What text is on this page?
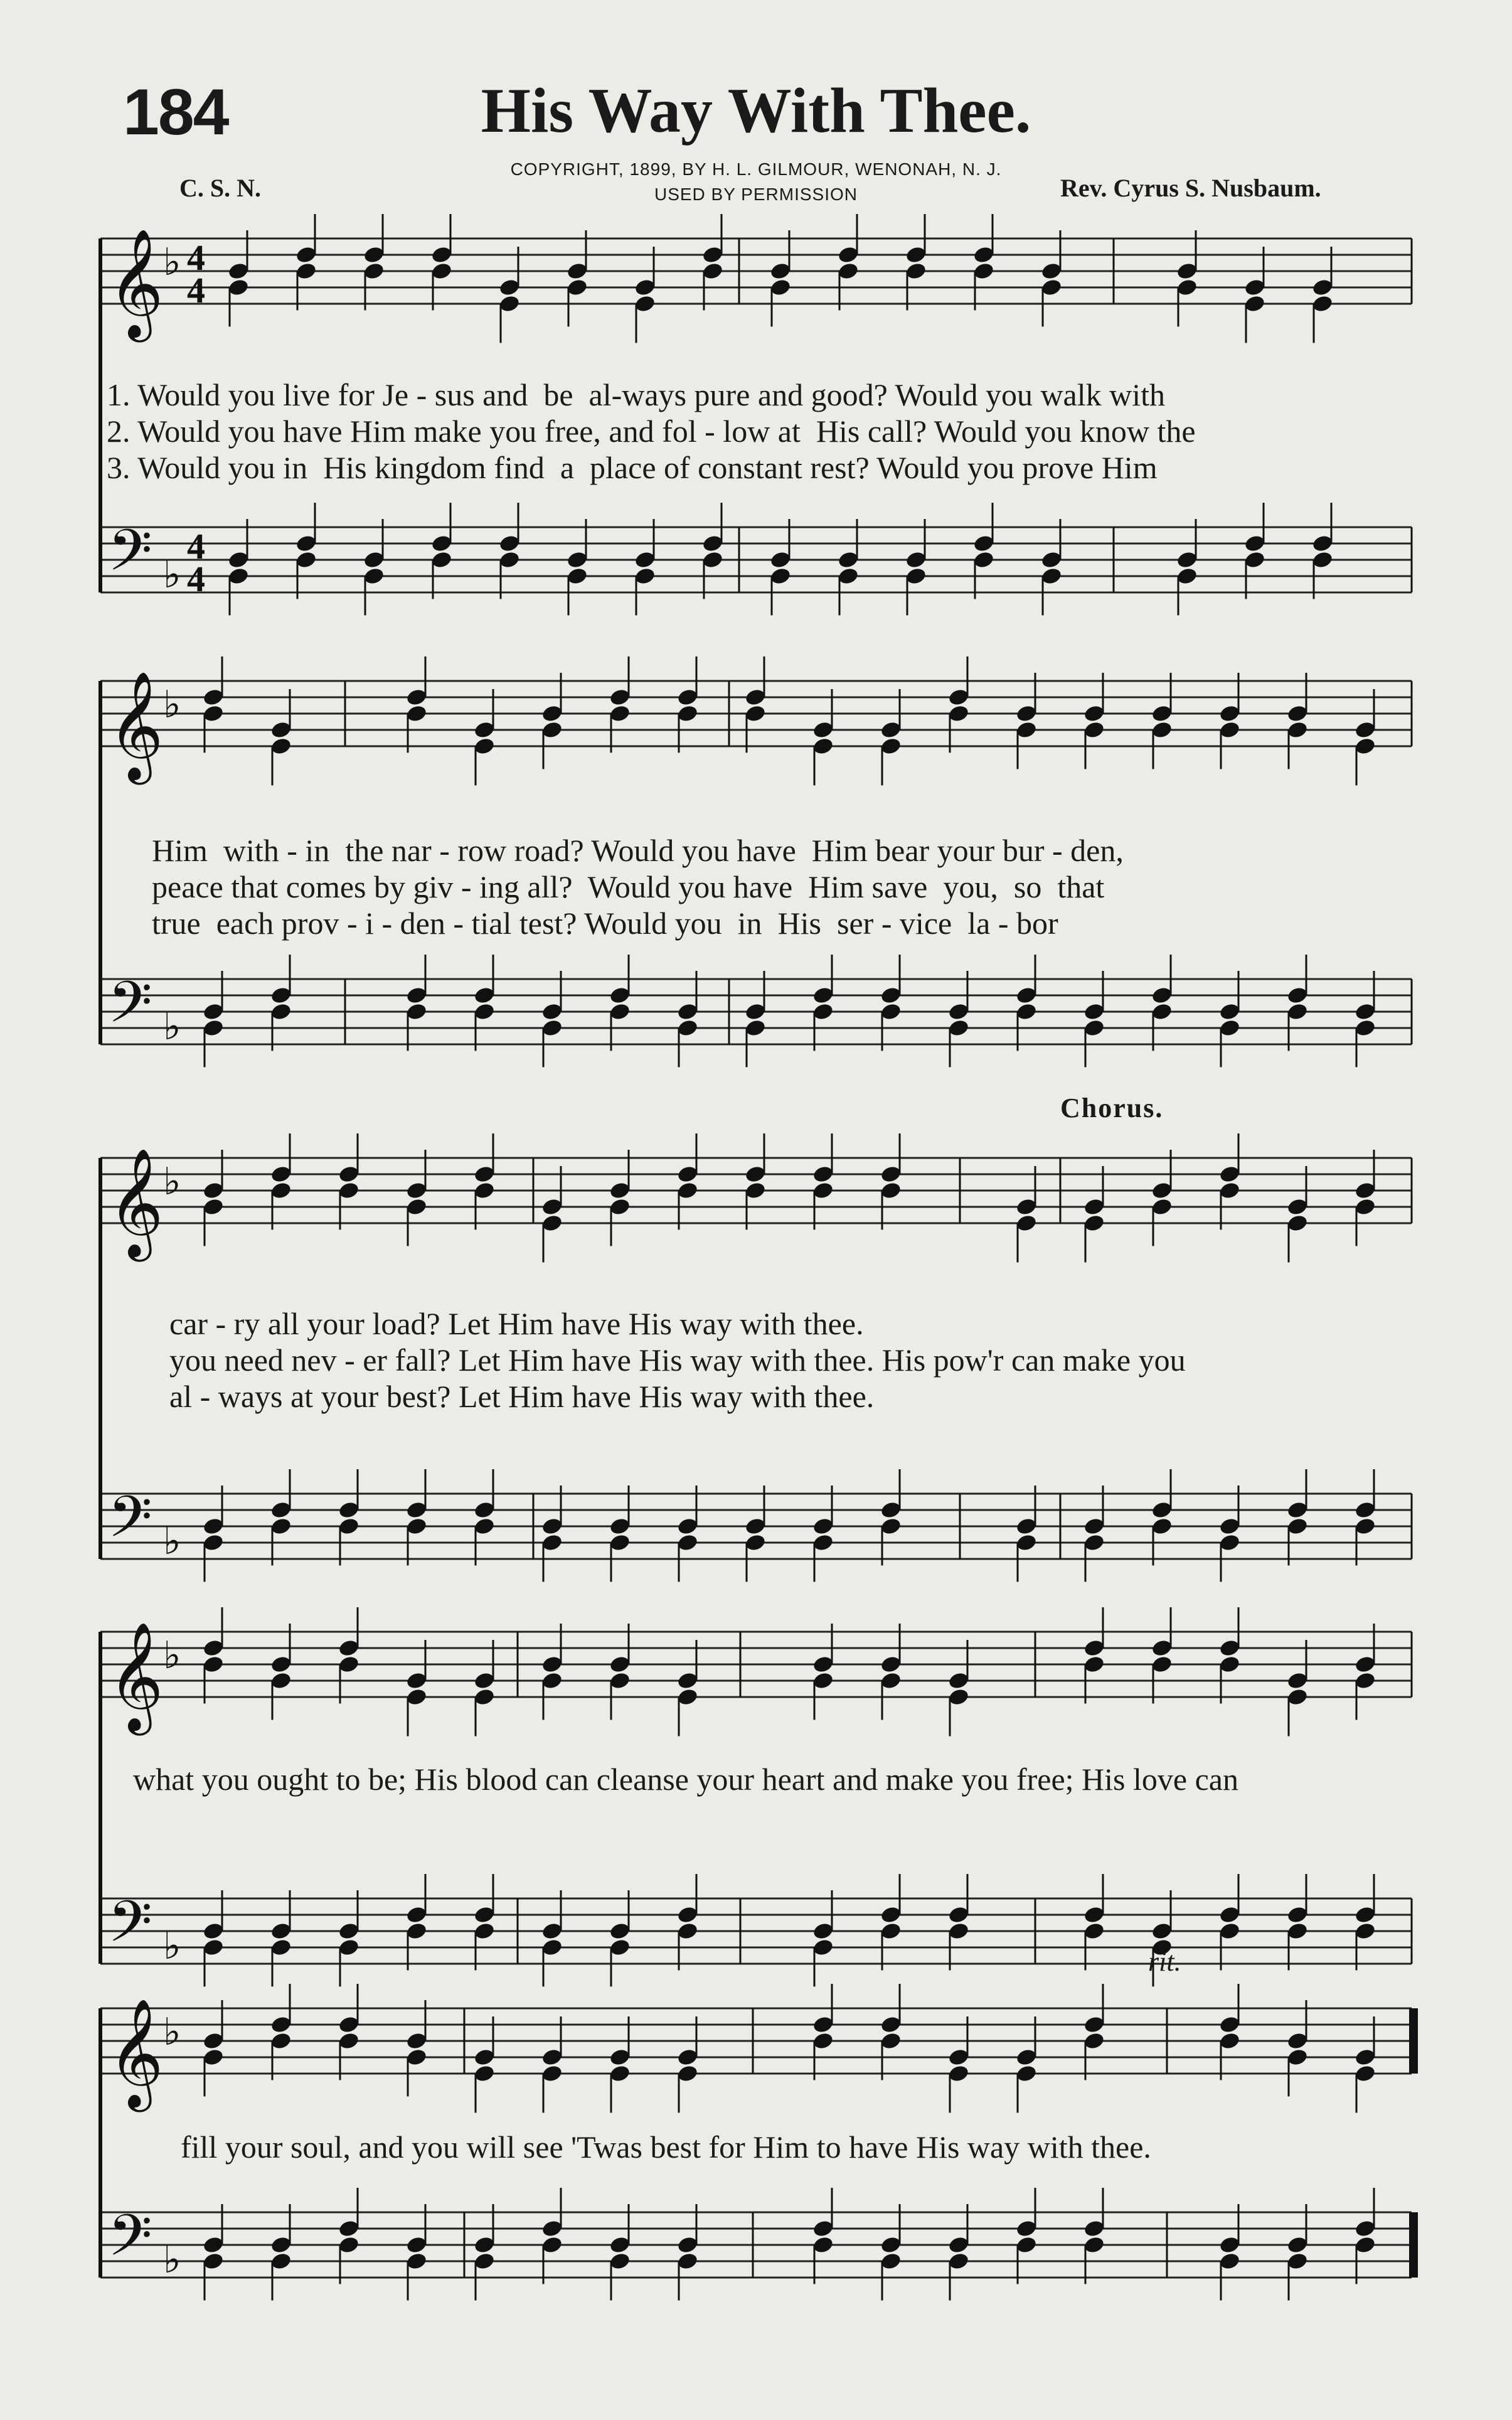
184	His Way With Thee.
COPYRIGHT, 1899, BY H. L. GILMOUR, WENONAH, N. J.
USED BY PERMISSION
C. S. N.	Rev. Cyrus S. Nusbaum.
𝄞
𝄢
♭
♭
4
4
4
4
𝄞
𝄢
♭
♭
𝄞
𝄢
♭
♭
𝄞
𝄢
♭
♭
𝄞
𝄢
♭
♭
1. Would you live for Je - sus and  be  al-ways pure and good? Would you walk with
2. Would you have Him make you free, and fol - low at  His call? Would you know the
3. Would you in  His kingdom find  a  place of constant rest? Would you prove Him
Him  with - in  the nar - row road? Would you have  Him bear your bur - den,
peace that comes by giv - ing all?  Would you have  Him save  you,  so  that
true  each prov - i - den - tial test? Would you  in  His  ser - vice  la - bor
Chorus.
car - ry all your load? Let Him have His way with thee.
you need nev - er fall? Let Him have His way with thee. His pow'r can make you
al - ways at your best? Let Him have His way with thee.
what you ought to be; His blood can cleanse your heart and make you free; His love can
rit.
fill your soul, and you will see 'Twas best for Him to have His way with thee.
